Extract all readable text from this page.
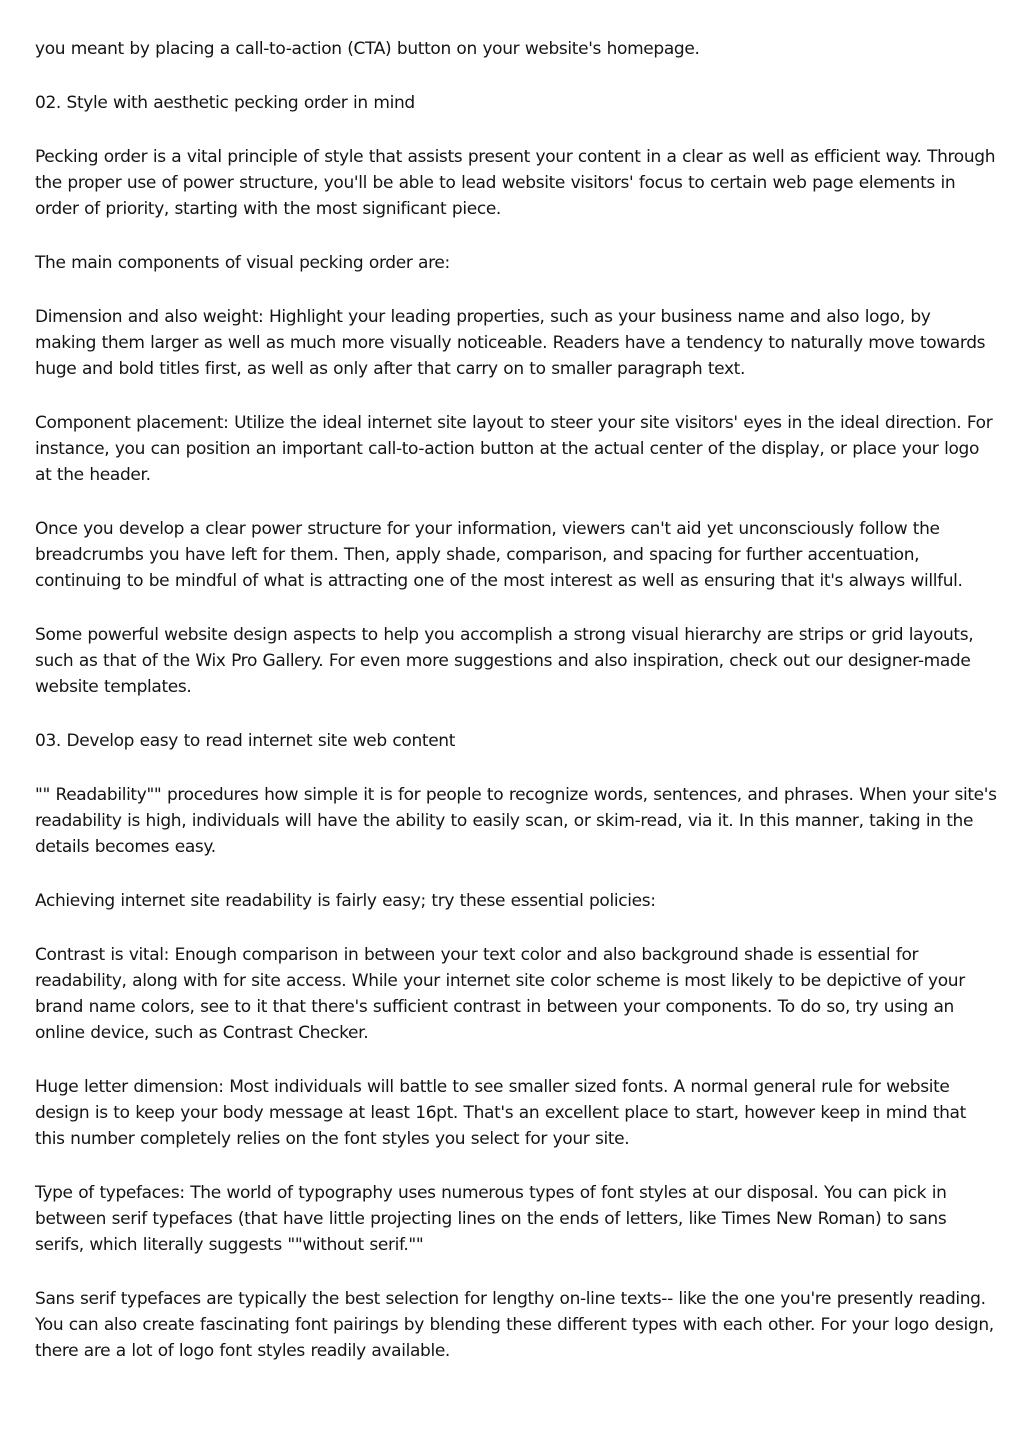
you meant by placing a call-to-action (CTA) button on your website's homepage.

02. Style with aesthetic pecking order in mind

Pecking order is a vital principle of style that assists present your content in a clear as well as efficient way. Through the proper use of power structure, you'll be able to lead website visitors' focus to certain web page elements in order of priority, starting with the most significant piece.

The main components of visual pecking order are:

Dimension and also weight: Highlight your leading properties, such as your business name and also logo, by making them larger as well as much more visually noticeable. Readers have a tendency to naturally move towards huge and bold titles first, as well as only after that carry on to smaller paragraph text.

Component placement: Utilize the ideal internet site layout to steer your site visitors' eyes in the ideal direction. For instance, you can position an important call-to-action button at the actual center of the display, or place your logo at the header.

Once you develop a clear power structure for your information, viewers can't aid yet unconsciously follow the breadcrumbs you have left for them. Then, apply shade, comparison, and spacing for further accentuation, continuing to be mindful of what is attracting one of the most interest as well as ensuring that it's always willful.

Some powerful website design aspects to help you accomplish a strong visual hierarchy are strips or grid layouts, such as that of the Wix Pro Gallery. For even more suggestions and also inspiration, check out our designer-made website templates.

03. Develop easy to read internet site web content

"" Readability"" procedures how simple it is for people to recognize words, sentences, and phrases. When your site's readability is high, individuals will have the ability to easily scan, or skim-read, via it. In this manner, taking in the details becomes easy.

Achieving internet site readability is fairly easy; try these essential policies:

Contrast is vital: Enough comparison in between your text color and also background shade is essential for readability, along with for site access. While your internet site color scheme is most likely to be depictive of your brand name colors, see to it that there's sufficient contrast in between your components. To do so, try using an online device, such as Contrast Checker.

Huge letter dimension: Most individuals will battle to see smaller sized fonts. A normal general rule for website design is to keep your body message at least 16pt. That's an excellent place to start, however keep in mind that this number completely relies on the font styles you select for your site.

Type of typefaces: The world of typography uses numerous types of font styles at our disposal. You can pick in between serif typefaces (that have little projecting lines on the ends of letters, like Times New Roman) to sans serifs, which literally suggests ""without serif.""

Sans serif typefaces are typically the best selection for lengthy on-line texts-- like the one you're presently reading. You can also create fascinating font pairings by blending these different types with each other. For your logo design, there are a lot of logo font styles readily available.
